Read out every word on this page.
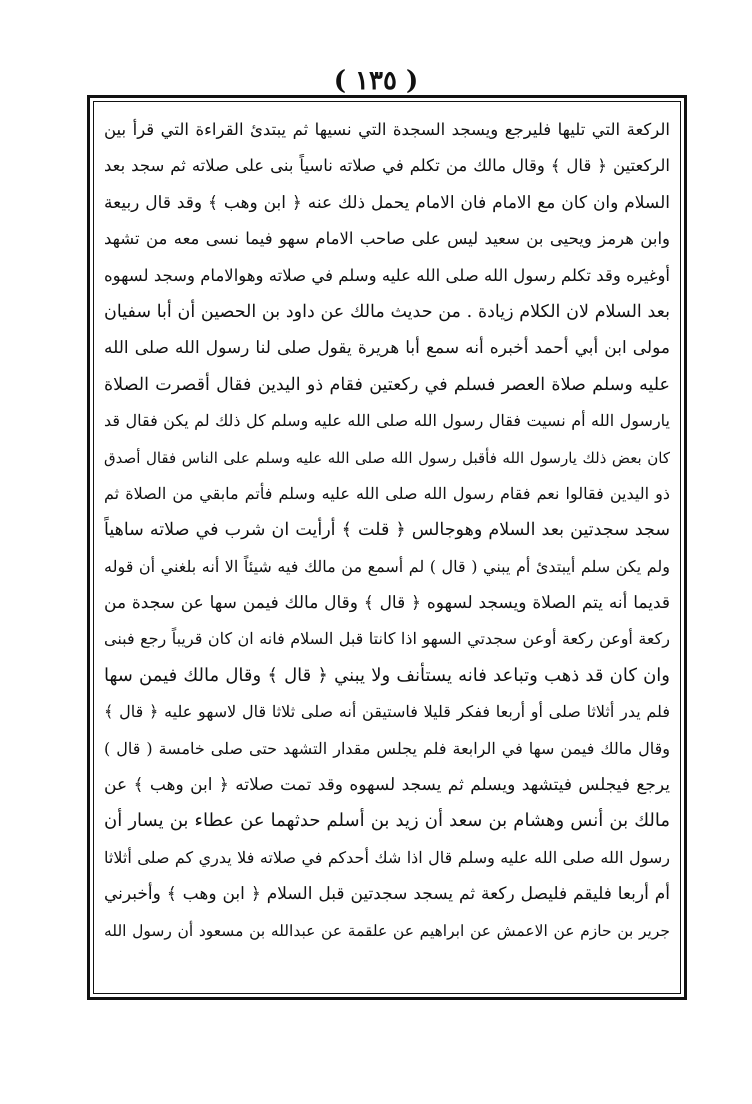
( ١٣٥ )
الركعة التي تليها فليرجع ويسجد السجدة التي نسيها ثم يبتدئ القراءة التي قرأ بين
الركعتين ﴿ قال ﴾ وقال مالك من تكلم في صلاته ناسياً بنى على صلاته ثم سجد بعد
السلام وان كان مع الامام فان الامام يحمل ذلك عنه ﴿ ابن وهب ﴾ وقد قال ربيعة
وابن هرمز ويحيى بن سعيد ليس على صاحب الامام سهو فيما نسى معه من تشهد
أوغيره وقد تكلم رسول الله صلى الله عليه وسلم في صلاته وهوالامام وسجد لسهوه
بعد السلام لان الكلام زيادة . من حديث مالك عن داود بن الحصين أن أبا سفيان
مولى ابن أبي أحمد أخبره أنه سمع أبا هريرة يقول صلى لنا رسول الله صلى الله
عليه وسلم صلاة العصر فسلم في ركعتين فقام ذو اليدين فقال أقصرت الصلاة
يارسول الله أم نسيت فقال رسول الله صلى الله عليه وسلم كل ذلك لم يكن فقال قد
كان بعض ذلك يارسول الله فأقبل رسول الله صلى الله عليه وسلم على الناس فقال أصدق
ذو اليدين فقالوا نعم فقام رسول الله صلى الله عليه وسلم فأتم مابقي من الصلاة ثم
سجد سجدتين بعد السلام وهوجالس ﴿ قلت ﴾ أرأيت ان شرب في صلاته ساهياً
ولم يكن سلم أيبتدئ أم يبني ( قال ) لم أسمع من مالك فيه شيئاً الا أنه بلغني أن قوله
قديما أنه يتم الصلاة ويسجد لسهوه ﴿ قال ﴾ وقال مالك فيمن سها عن سجدة من
ركعة أوعن ركعة أوعن سجدتي السهو اذا كانتا قبل السلام فانه ان كان قريباً رجع فبنى
وان كان قد ذهب وتباعد فانه يستأنف ولا يبني ﴿ قال ﴾ وقال مالك فيمن سها
فلم يدر أثلاثا صلى أو أربعا ففكر قليلا فاستيقن أنه صلى ثلاثا قال لاسهو عليه ﴿ قال ﴾
وقال مالك فيمن سها في الرابعة فلم يجلس مقدار التشهد حتى صلى خامسة ( قال )
يرجع فيجلس فيتشهد ويسلم ثم يسجد لسهوه وقد تمت صلاته ﴿ ابن وهب ﴾ عن
مالك بن أنس وهشام بن سعد أن زيد بن أسلم حدثهما عن عطاء بن يسار أن
رسول الله صلى الله عليه وسلم قال اذا شك أحدكم في صلاته فلا يدري كم صلى أثلاثا
أم أربعا فليقم فليصل ركعة ثم يسجد سجدتين قبل السلام ﴿ ابن وهب ﴾ وأخبرني
جرير بن حازم عن الاعمش عن ابراهيم عن علقمة عن عبدالله بن مسعود أن رسول الله
